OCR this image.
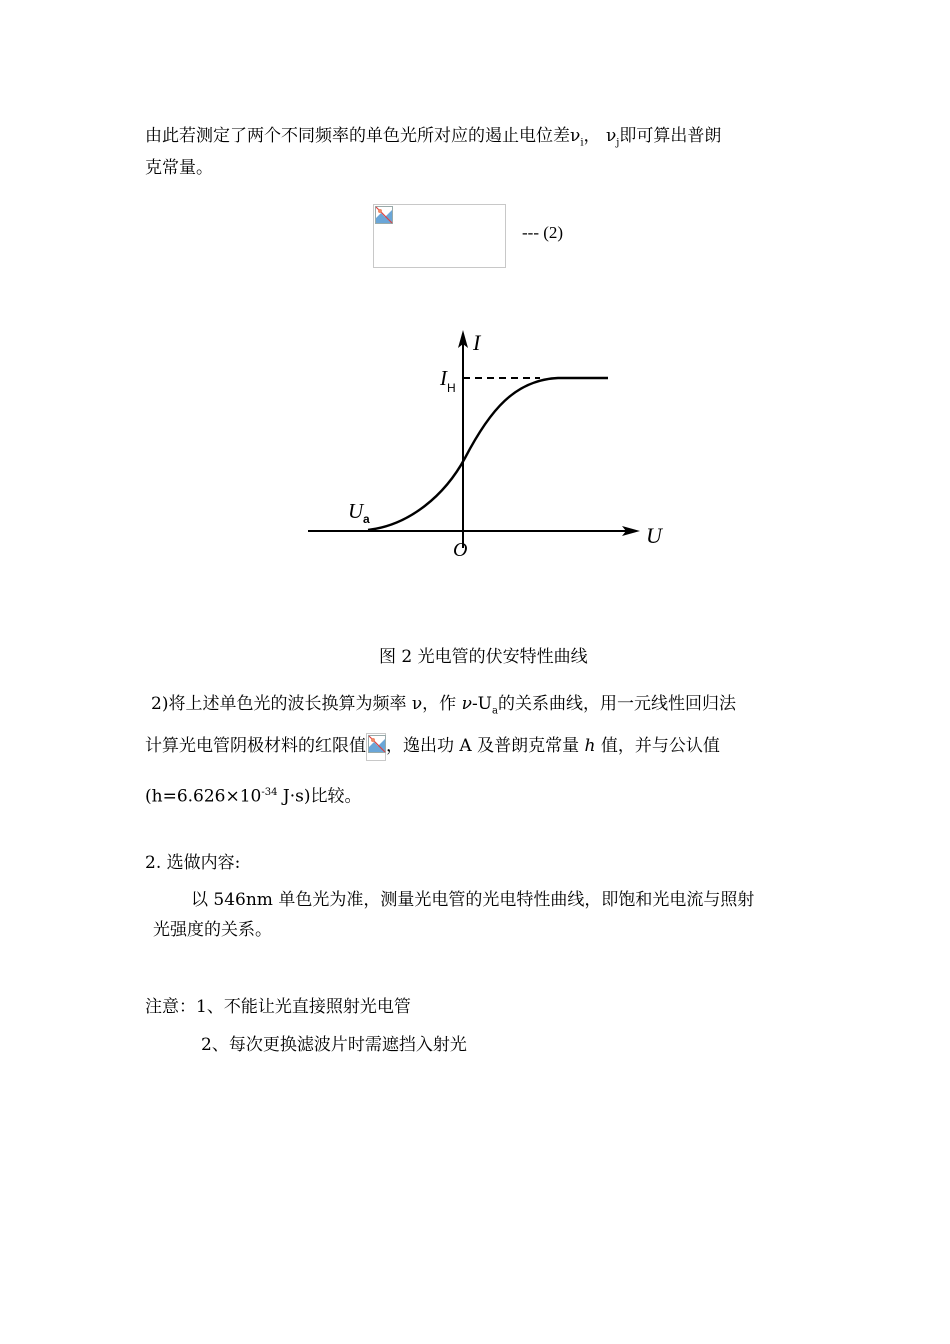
由此若测定了两个不同频率的单色光所对应的遏止电位差$\nu_i$， $\nu_j$即可算出普朗
克常量。
--- (2)
I
U
O
I H
U a
图 2 光电管的伏安特性曲线
2)将上述单色光的波长换算为频率 ν，作 $\nu-U_a$的关系曲线，用一元线性回归法
计算光电管阴极材料的红限值 ，逸出功 A 及普朗克常量 h 值，并与公认值
($h=6.626\times 10^{-34}$ J·s)比较。
2. 选做内容:
以 546nm 单色光为准，测量光电管的光电特性曲线，即饱和光电流与照射
光强度的关系。
注意：1、不能让光直接照射光电管
2、每次更换滤波片时需遮挡入射光
